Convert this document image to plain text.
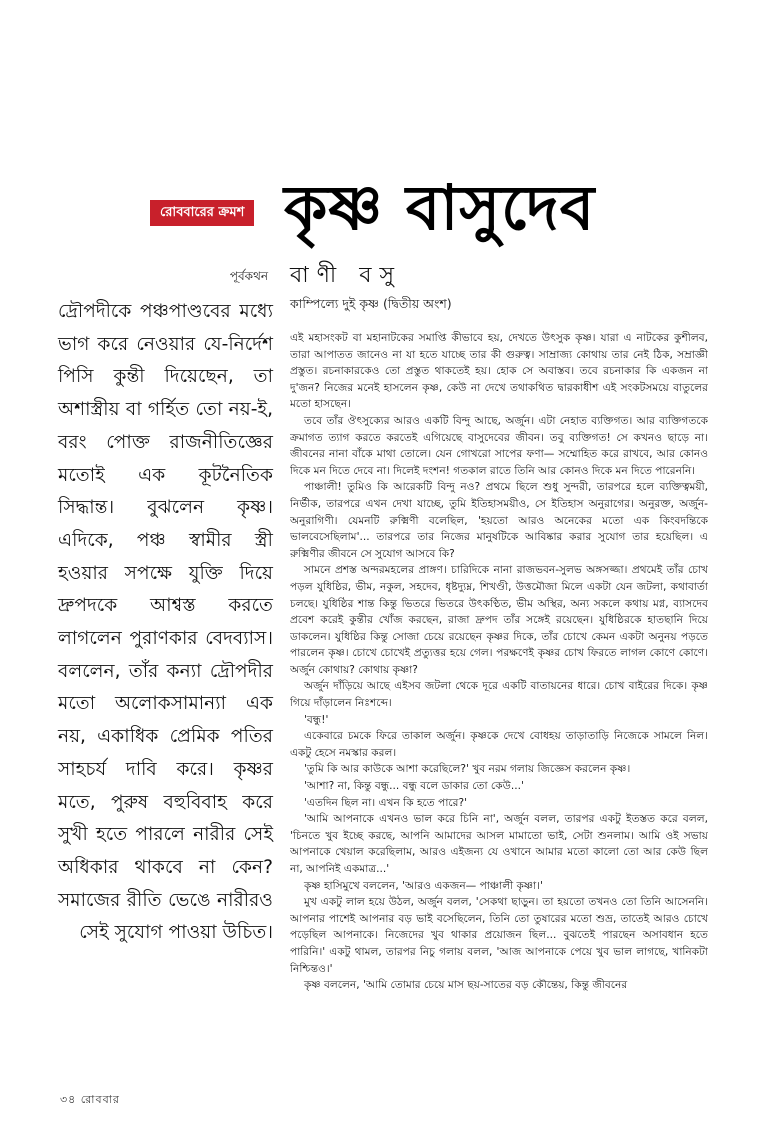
রোববারের ক্রমশ কৃষ্ণ বাসুদেব
পূর্বকথন বাণী বসু
কাম্পিল্যে দুই কৃষ্ণ (দ্বিতীয় অংশ)

দ্রৌপদীকে পঞ্চপাণ্ডবের মধ্যে ভাগ করে নেওয়ার যে-নির্দেশ পিসি কুন্তী দিয়েছেন, তা অশাস্ত্রীয় বা গর্হিত তো নয়-ই, বরং পোক্ত রাজনীতিজ্ঞের মতোই এক কূটনৈতিক সিদ্ধান্ত। বুঝলেন কৃষ্ণ। এদিকে, পঞ্চ স্বামীর স্ত্রী হওয়ার সপক্ষে যুক্তি দিয়ে দ্রুপদকে আশ্বস্ত করতে লাগলেন পুরাণকার বেদব্যাস। বললেন, তাঁর কন্যা দ্রৌপদীর মতো অলোকসামান্যা এক নয়, একাধিক প্রেমিক পতির সাহচর্য দাবি করে। কৃষ্ণর মতে, পুরুষ বহুবিবাহ করে সুখী হতে পারলে নারীর সেই অধিকার থাকবে না কেন? সমাজের রীতি ভেঙে নারীরও সেই সুযোগ পাওয়া উচিত।

এই মহাসংকট বা মহানাটকের সমাপ্তি কীভাবে হয়, দেখতে উৎসুক কৃষ্ণ। যারা এ নাটকের কুশীলব, তারা আপাতত জানেও না যা হতে যাচ্ছে তার কী গুরুত্ব। সাম্রাজ্য কোথায় তার নেই ঠিক, সম্রাজ্ঞী প্রস্তুত। রচনাকারকেও তো প্রস্তুত থাকতেই হয়। হোক সে অবাস্তব। তবে রচনাকার কি একজন না দু'জন? নিজের মনেই হাসলেন কৃষ্ণ, কেউ না দেখে তথাকথিত দ্বারকাধীশ এই সংকটসময়ে বাতুলের মতো হাসছেন।

তবে তাঁর ঔৎসুক্যের আরও একটি বিন্দু আছে, অর্জুন। এটা নেহাত ব্যক্তিগত। আর ব্যক্তিগতকে ক্রমাগত ত্যাগ করতে করতেই এগিয়েছে বাসুদেবের জীবন। তবু ব্যক্তিগত! সে কখনও ছাড়ে না। জীবনের নানা বাঁকে মাথা তোলে। যেন গোখরো সাপের ফণা— সম্মোহিত করে রাখবে, আর কোনও দিকে মন দিতে দেবে না। দিলেই দংশন! গতকাল রাতে তিনি আর কোনও দিকে মন দিতে পারেননি।

পাঞ্চালী! তুমিও কি আরেকটি বিন্দু নও? প্রথমে ছিলে শুধু সুন্দরী, তারপরে হলে ব্যক্তিত্বময়ী, নির্ভীক, তারপরে এখন দেখা যাচ্ছে, তুমি ইতিহাসময়ীও, সে ইতিহাস অনুরাগের। অনুরক্ত, অর্জুন-অনুরাগিণী। যেমনটি রুক্মিণী বলেছিল, 'হয়তো আরও অনেকের মতো এক কিংবদন্তিকে ভালবেসেছিলাম'... তারপরে তার নিজের মানুষটিকে আবিষ্কার করার সুযোগ তার হয়েছিল। এ রুক্মিণীর জীবনে সে সুযোগ আসবে কি?

সামনে প্রশস্ত অন্দরমহলের প্রাঙ্গণ। চারিদিকে নানা রাজভবন-সুলভ অঙ্গসজ্জা। প্রথমেই তাঁর চোখ পড়ল যুধিষ্ঠির, ভীম, নকুল, সহদেব, ধৃষ্টদ্যুম্ন, শিখণ্ডী, উত্তমৌজা মিলে একটা যেন জটলা, কথাবার্তা চলছে। যুধিষ্ঠির শান্ত কিন্তু ভিতরে ভিতরে উৎকণ্ঠিত, ভীম অস্থির, অন্য সকলে কথায় মগ্ন, ব্যাসদেব প্রবেশ করেই কুন্তীর খোঁজ করছেন, রাজা দ্রুপদ তাঁর সঙ্গেই রয়েছেন। যুধিষ্ঠিরকে হাতছানি দিয়ে ডাকলেন। যুধিষ্ঠির কিন্তু সোজা চেয়ে রয়েছেন কৃষ্ণর দিকে, তাঁর চোখে কেমন একটা অনুনয় পড়তে পারলেন কৃষ্ণ। চোখে চোখেই প্রত্যুত্তর হয়ে গেল। পরক্ষণেই কৃষ্ণর চোখ ফিরতে লাগল কোণে কোণে। অর্জুন কোথায়? কোথায় কৃষ্ণা?

অর্জুন দাঁড়িয়ে আছে এইসব জটলা থেকে দূরে একটি বাতায়নের ধারে। চোখ বাইরের দিকে। কৃষ্ণ গিয়ে দাঁড়ালেন নিঃশব্দে।

'বন্ধু!'

একেবারে চমকে ফিরে তাকাল অর্জুন। কৃষ্ণকে দেখে বোধহয় তাড়াতাড়ি নিজেকে সামলে নিল। একটু হেসে নমস্কার করল।

'তুমি কি আর কাউকে আশা করেছিলে?' খুব নরম গলায় জিজ্ঞেস করলেন কৃষ্ণ।

'আশা? না, কিন্তু বন্ধু... বন্ধু বলে ডাকার তো কেউ...'

'এতদিন ছিল না। এখন কি হতে পারে?'

'আমি আপনাকে এখনও ভাল করে চিনি না', অর্জুন বলল, তারপর একটু ইতস্তত করে বলল, 'চিনতে খুব ইচ্ছে করছে, আপনি আমাদের আসল মামাতো ভাই, সেটা শুনলাম। আমি ওই সভায় আপনাকে খেয়াল করেছিলাম, আরও এইজন্য যে ওখানে আমার মতো কালো তো আর কেউ ছিল না, আপনিই একমাত্র...'

কৃষ্ণ হাসিমুখে বললেন, 'আরও একজন— পাঞ্চালী কৃষ্ণা।'

মুখ একটু লাল হয়ে উঠল, অর্জুন বলল, 'সেকথা ছাড়ুন। তা হয়তো তখনও তো তিনি আসেননি। আপনার পাশেই আপনার বড় ভাই বসেছিলেন, তিনি তো তুষারের মতো শুভ্র, তাতেই আরও চোখে পড়েছিল আপনাকে। নিজেদের খুব থাকার প্রয়োজন ছিল... বুঝতেই পারছেন অসাবধান হতে পারিনি।' একটু থামল, তারপর নিচু গলায় বলল, 'আজ আপনাকে পেয়ে খুব ভাল লাগছে, খানিকটা নিশ্চিন্তও।'

কৃষ্ণ বললেন, 'আমি তোমার চেয়ে মাস ছয়-সাতের বড় কৌন্তেয়, কিন্তু জীবনের

৩৪ রোববার
